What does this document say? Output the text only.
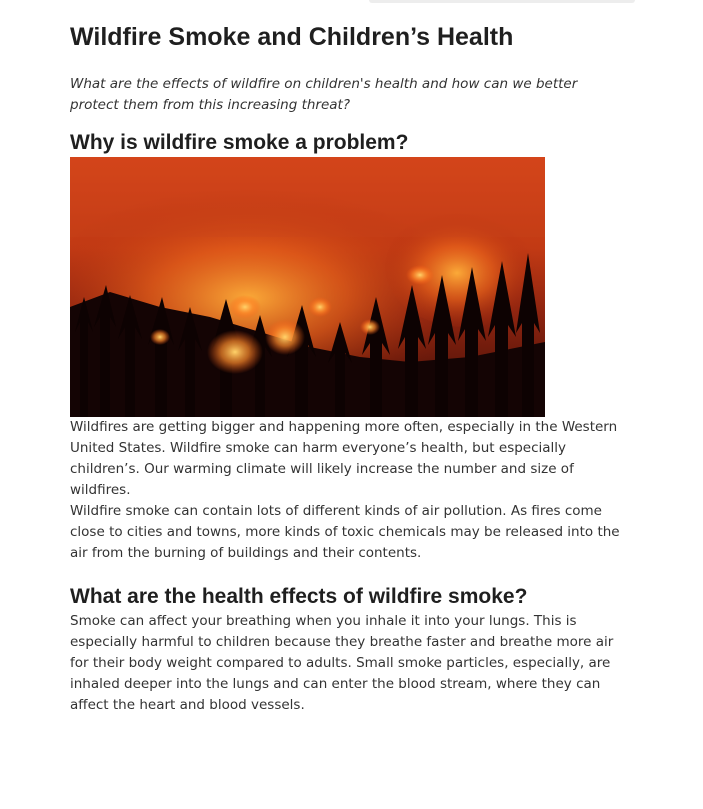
Wildfire Smoke and Children’s Health

What are the effects of wildfire on children's health and how can we better protect them from this increasing threat?

Why is wildfire smoke a problem?

Wildfires are getting bigger and happening more often, especially in the Western United States. Wildfire smoke can harm everyone’s health, but especially children’s. Our warming climate will likely increase the number and size of wildfires.

Wildfire smoke can contain lots of different kinds of air pollution. As fires come close to cities and towns, more kinds of toxic chemicals may be released into the air from the burning of buildings and their contents.

What are the health effects of wildfire smoke?

Smoke can affect your breathing when you inhale it into your lungs. This is especially harmful to children because they breathe faster and breathe more air for their body weight compared to adults. Small smoke particles, especially, are inhaled deeper into the lungs and can enter the blood stream, where they can affect the heart and blood vessels.
